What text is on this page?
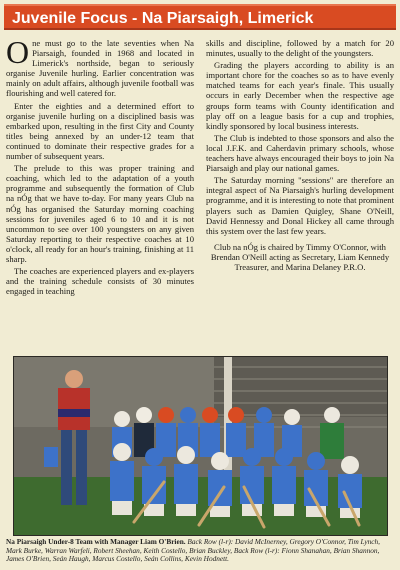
Juvenile Focus - Na Piarsaigh, Limerick

One must go to the late seventies when Na Piarsaigh, founded in 1968 and located in Limerick's northside, began to seriously organise Juvenile hurling. Earlier concentration was mainly on adult affairs, although juvenile football was flourishing and well catered for.

Enter the eighties and a determined effort to organise juvenile hurling on a disciplined basis was embarked upon, resulting in the first City and County titles being annexed by an under-12 team that continued to dominate their respective grades for a number of subsequent years.

The prelude to this was proper training and coaching, which led to the adaptation of a youth programme and subsequently the formation of Club na nÓg that we have to-day. For many years Club na nÓg has organised the Saturday morning coaching sessions for juveniles aged 6 to 10 and it is not uncommon to see over 100 youngsters on any given Saturday reporting to their respective coaches at 10 o'clock, all ready for an hour's training, finishing at 11 sharp.

The coaches are experienced players and ex-players and the training schedule consists of 30 minutes engaged in teaching

skills and discipline, followed by a match for 20 minutes, usually to the delight of the youngsters.

Grading the players according to ability is an important chore for the coaches so as to have evenly matched teams for each year's finale. This usually occurs in early December when the respective age groups form teams with County identification and play off on a league basis for a cup and trophies, kindly sponsored by local business interests.

The Club is indebted to those sponsors and also the local J.F.K. and Caherdavin primary schools, whose teachers have always encouraged their boys to join Na Piarsaigh and play our national games.

The Saturday morning "sessions" are therefore an integral aspect of Na Piarsaigh's hurling development programme, and it is interesting to note that prominent players such as Damien Quigley, Shane O'Neill, David Hennessy and Donal Hickey all came through this system over the last few years.

Club na nÓg is chaired by Timmy O'Connor, with Brendan O'Neill acting as Secretary, Liam Kennedy Treasurer, and Marina Delaney P.R.O.

Na Piarsaigh Under-8 Team with Manager Liam O'Brien. Back Row (l-r): David McInerney, Gregory O'Connor, Tim Lynch, Mark Burke, Warran Warfeli, Robert Sheehan, Keith Costello, Brian Buckley, Back Row (l-r): Fionn Shanahan, Brian Shannon, James O'Brien, Seán Haugh, Marcus Costello, Seán Collins, Kevin Hodnett.
